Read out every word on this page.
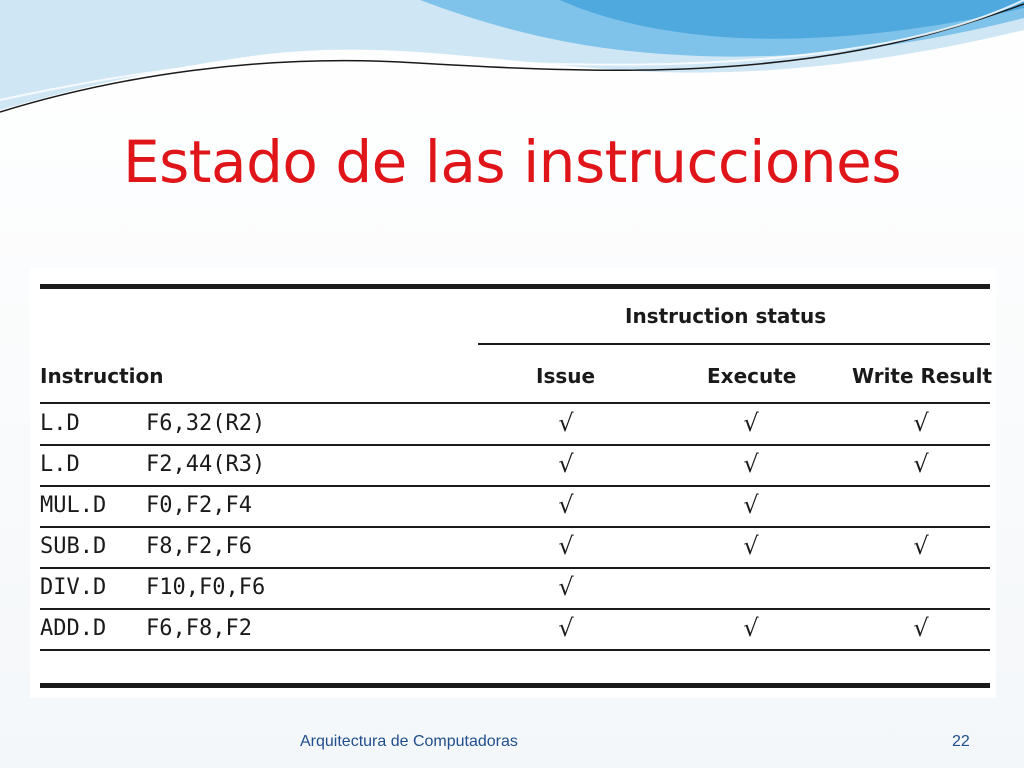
Estado de las instrucciones
Instruction status
Instruction	Issue	Execute	Write Result
L.D	F6,32(R2)	√	√	√
L.D	F2,44(R3)	√	√	√
MUL.D F0,F2,F4	√	√
SUB.D F8,F2,F6	√	√	√
DIV.D F10,F0,F6	√
ADD.D F6,F8,F2	√	√	√
Arquitectura de Computadoras	22
